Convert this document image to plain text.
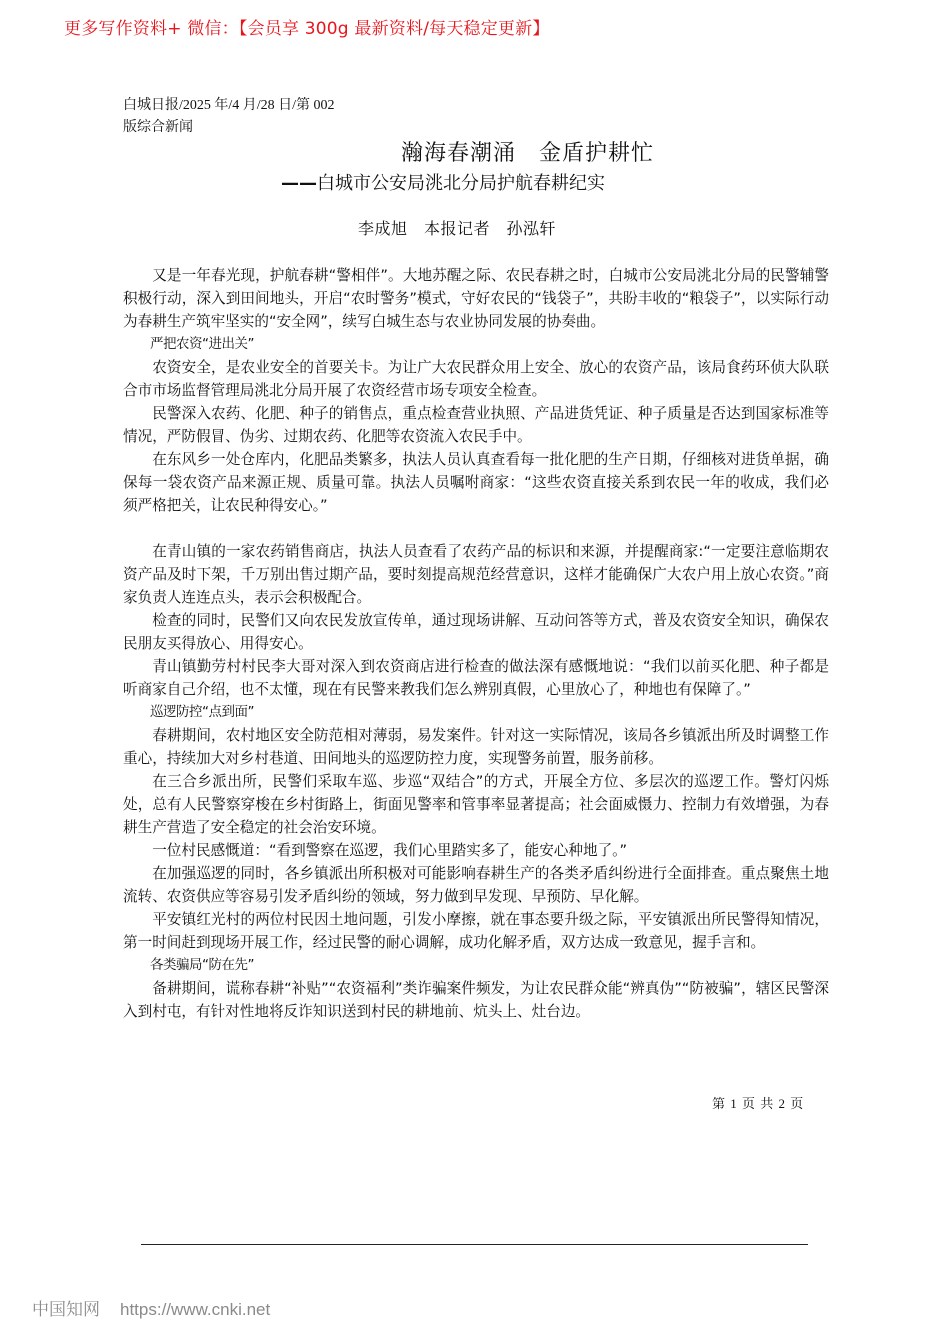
更多写作资料+ 微信：【会员享 300g 最新资料/每天稳定更新】
白城日报/2025 年/4 月/28 日/第 002
版综合新闻
瀚海春潮涌　金盾护耕忙
——白城市公安局洮北分局护航春耕纪实
李成旭　本报记者　孙泓轩

又是一年春光现，护航春耕“警相伴”。大地苏醒之际、农民春耕之时，白城市公安局洮北分局的民警辅警积极行动，深入到田间地头，开启“农时警务”模式，守好农民的“钱袋子”，共盼丰收的“粮袋子”，以实际行动为春耕生产筑牢坚实的“安全网”，续写白城生态与农业协同发展的协奏曲。

严把农资“进出关”

农资安全，是农业安全的首要关卡。为让广大农民群众用上安全、放心的农资产品，该局食药环侦大队联合市市场监督管理局洮北分局开展了农资经营市场专项安全检查。

民警深入农药、化肥、种子的销售点，重点检查营业执照、产品进货凭证、种子质量是否达到国家标准等情况，严防假冒、伪劣、过期农药、化肥等农资流入农民手中。

在东风乡一处仓库内，化肥品类繁多，执法人员认真查看每一批化肥的生产日期，仔细核对进货单据，确保每一袋农资产品来源正规、质量可靠。执法人员嘱咐商家：“这些农资直接关系到农民一年的收成，我们必须严格把关，让农民种得安心。”

在青山镇的一家农药销售商店，执法人员查看了农药产品的标识和来源，并提醒商家:“一定要注意临期农资产品及时下架，千万别出售过期产品，要时刻提高规范经营意识，这样才能确保广大农户用上放心农资。”商家负责人连连点头，表示会积极配合。

检查的同时，民警们又向农民发放宣传单，通过现场讲解、互动问答等方式，普及农资安全知识，确保农民朋友买得放心、用得安心。

青山镇勤劳村村民李大哥对深入到农资商店进行检查的做法深有感慨地说：“我们以前买化肥、种子都是听商家自己介绍，也不太懂，现在有民警来教我们怎么辨别真假，心里放心了，种地也有保障了。”

巡逻防控“点到面”

春耕期间，农村地区安全防范相对薄弱，易发案件。针对这一实际情况，该局各乡镇派出所及时调整工作重心，持续加大对乡村巷道、田间地头的巡逻防控力度，实现警务前置，服务前移。

在三合乡派出所，民警们采取车巡、步巡“双结合”的方式，开展全方位、多层次的巡逻工作。警灯闪烁处，总有人民警察穿梭在乡村街路上，街面见警率和管事率显著提高；社会面威慑力、控制力有效增强，为春耕生产营造了安全稳定的社会治安环境。

一位村民感慨道：“看到警察在巡逻，我们心里踏实多了，能安心种地了。”

在加强巡逻的同时，各乡镇派出所积极对可能影响春耕生产的各类矛盾纠纷进行全面排查。重点聚焦土地流转、农资供应等容易引发矛盾纠纷的领域，努力做到早发现、早预防、早化解。

平安镇红光村的两位村民因土地问题，引发小摩擦，就在事态要升级之际，平安镇派出所民警得知情况，第一时间赶到现场开展工作，经过民警的耐心调解，成功化解矛盾，双方达成一致意见，握手言和。

各类骗局“防在先”

备耕期间，谎称春耕“补贴”“农资福利”类诈骗案件频发，为让农民群众能“辨真伪”“防被骗”，辖区民警深入到村屯，有针对性地将反诈知识送到村民的耕地前、炕头上、灶台边。

第 1 页 共 2 页
中国知网 https://www.cnki.net
